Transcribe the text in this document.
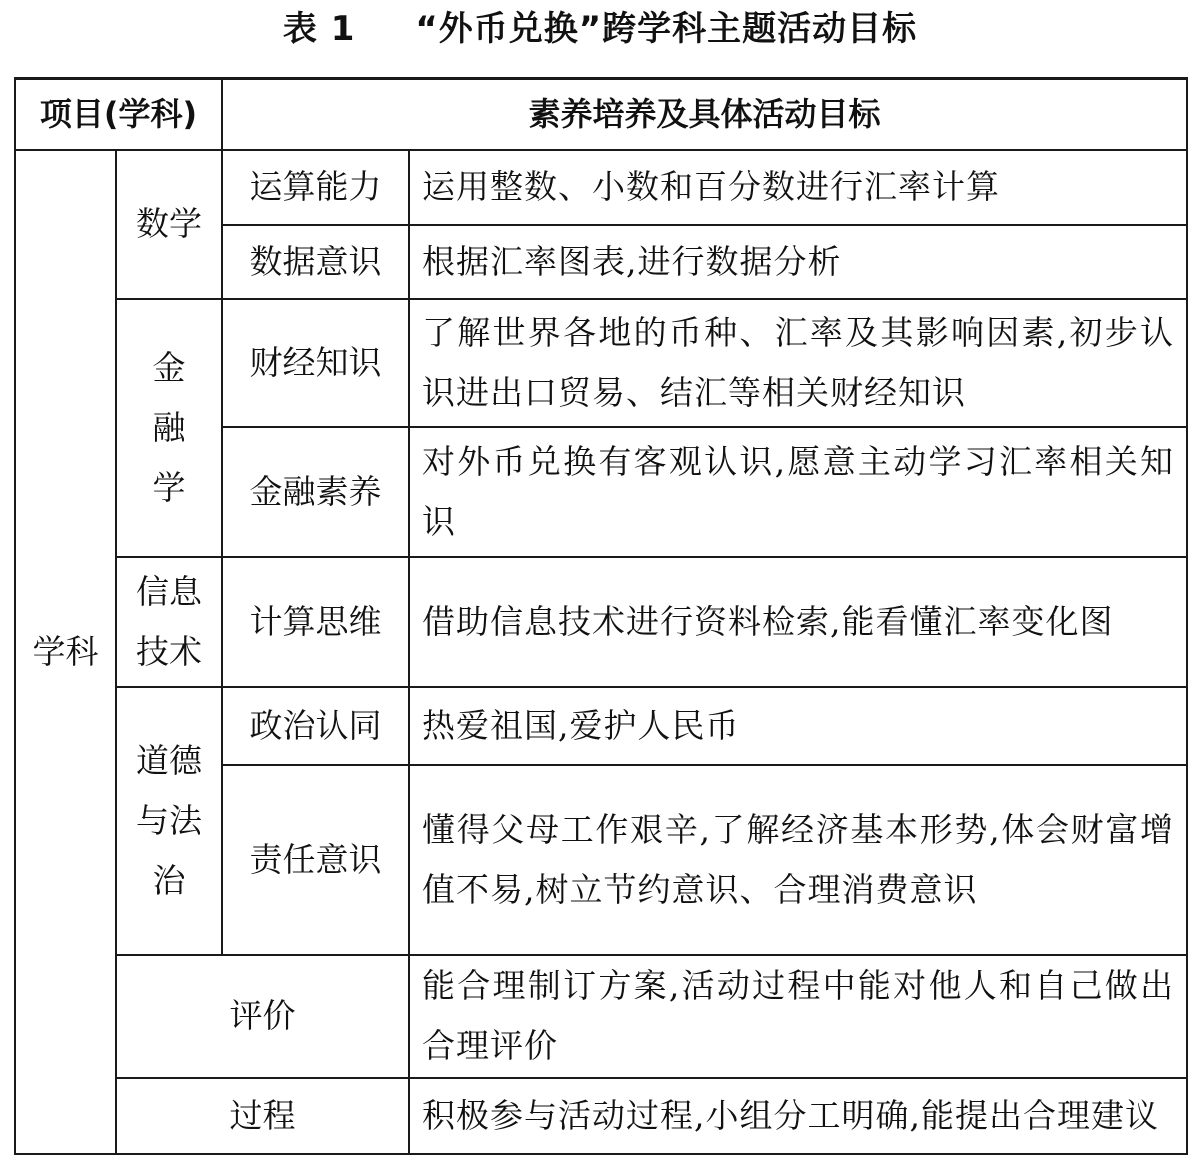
表 1 “外币兑换”跨学科主题活动目标
项目(学科)		素养培养及具体活动目标	
学科	数学	运算能力	运用整数、小数和百分数进行汇率计算
		数据意识	根据汇率图表,进行数据分析
	金融学	财经知识	了解世界各地的币种、汇率及其影响因素,初步认识进出口贸易、结汇等相关财经知识
		金融素养	对外币兑换有客观认识,愿意主动学习汇率相关知识
	信息技术	计算思维	借助信息技术进行资料检索,能看懂汇率变化图
	道德与法治	政治认同	热爱祖国,爱护人民币
		责任意识	懂得父母工作艰辛,了解经济基本形势,体会财富增值不易,树立节约意识、合理消费意识
	评价		能合理制订方案,活动过程中能对他人和自己做出合理评价
	过程		积极参与活动过程,小组分工明确,能提出合理建议
